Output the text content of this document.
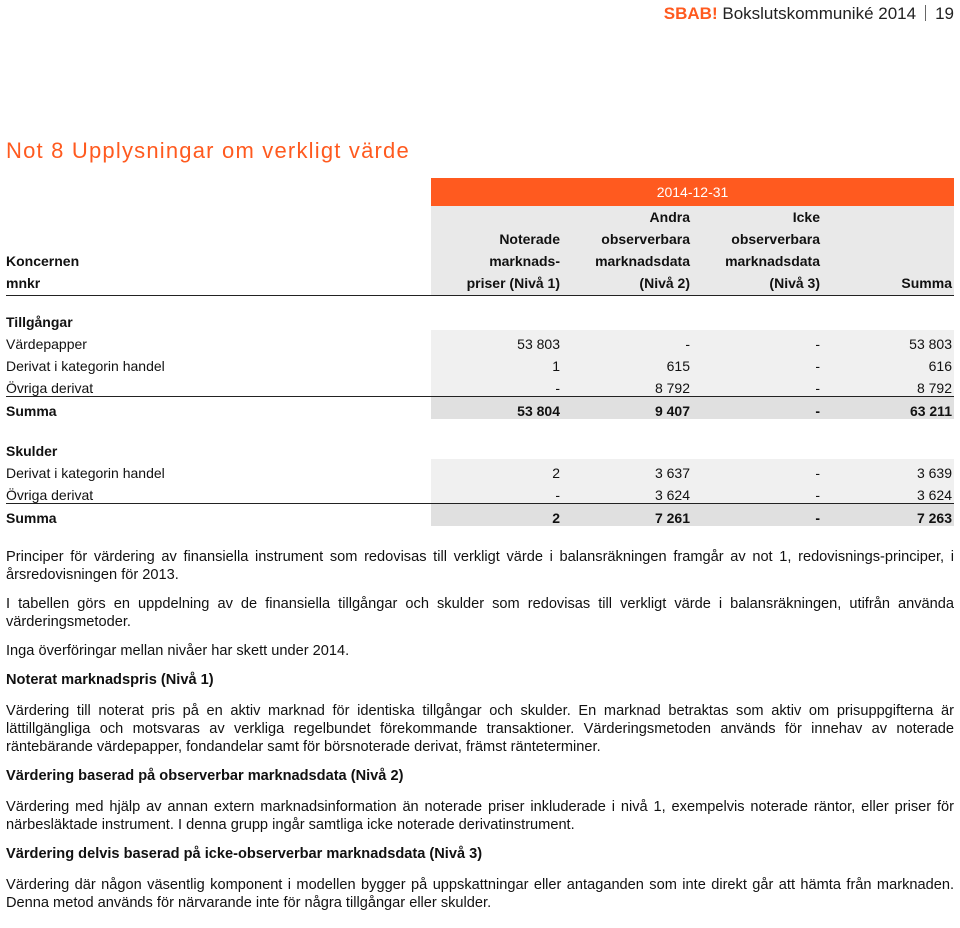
SBAB! Bokslutskommuniké 2014 19
Not 8 Upplysningar om verkligt värde
	2014-12-31			
		Andra	Icke	
	Noterade	observerbara	observerbara	
Koncernen	marknads-	marknadsdata	marknadsdata	
mnkr	priser (Nivå 1)	(Nivå 2)	(Nivå 3)	Summa

Tillgångar				
Värdepapper	53 803	-	-	53 803
Derivat i kategorin handel	1	615	-	616
Övriga derivat	-	8 792	-	8 792
Summa	53 804	9 407	-	63 211

Skulder				
Derivat i kategorin handel	2	3 637	-	3 639
Övriga derivat	-	3 624	-	3 624
Summa	2	7 261	-	7 263

Principer för värdering av finansiella instrument som redovisas till verkligt värde i balansräkningen framgår av not 1, redovisnings-principer, i årsredovisningen för 2013.

I tabellen görs en uppdelning av de finansiella tillgångar och skulder som redovisas till verkligt värde i balansräkningen, utifrån använda värderingsmetoder.

Inga överföringar mellan nivåer har skett under 2014.

Noterat marknadspris (Nivå 1)

Värdering till noterat pris på en aktiv marknad för identiska tillgångar och skulder. En marknad betraktas som aktiv om prisuppgifterna är lättillgängliga och motsvaras av verkliga regelbundet förekommande transaktioner. Värderingsmetoden används för innehav av noterade räntebärande värdepapper, fondandelar samt för börsnoterade derivat, främst ränteterminer.

Värdering baserad på observerbar marknadsdata (Nivå 2)

Värdering med hjälp av annan extern marknadsinformation än noterade priser inkluderade i nivå 1, exempelvis noterade räntor, eller priser för närbesläktade instrument. I denna grupp ingår samtliga icke noterade derivatinstrument.

Värdering delvis baserad på icke-observerbar marknadsdata (Nivå 3)

Värdering där någon väsentlig komponent i modellen bygger på uppskattningar eller antaganden som inte direkt går att hämta från marknaden. Denna metod används för närvarande inte för några tillgångar eller skulder.
